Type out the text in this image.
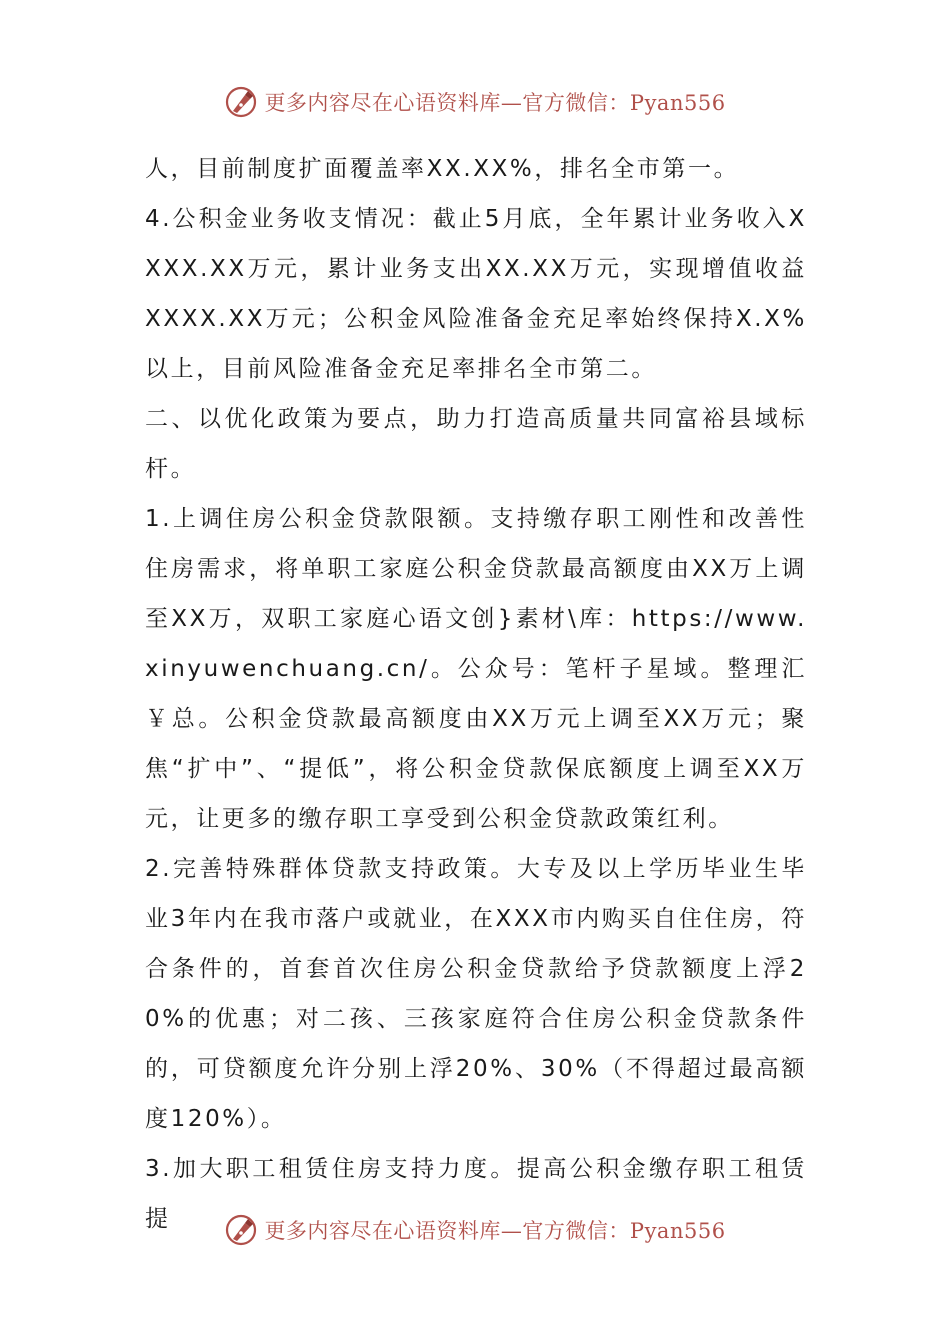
更多内容尽在心语资料库—官方微信：Pyan556

人，目前制度扩面覆盖率XX.XX%，排名全市第一。

4.公积金业务收支情况：截止5月底，全年累计业务收入XXXX.XX万元，累计业务支出XX.XX万元，实现增值收益XXXX.XX万元；公积金风险准备金充足率始终保持X.X%以上，目前风险准备金充足率排名全市第二。

二、以优化政策为要点，助力打造高质量共同富裕县域标杆。

1.上调住房公积金贷款限额。支持缴存职工刚性和改善性住房需求，将单职工家庭公积金贷款最高额度由XX万上调至XX万，双职工家庭心语文创}素材\库：https://www.xinyuwenchuang.cn/。公众号：笔杆子星域。整理汇￥总。公积金贷款最高额度由XX万元上调至XX万元；聚焦“扩中”、“提低”，将公积金贷款保底额度上调至XX万元，让更多的缴存职工享受到公积金贷款政策红利。

2.完善特殊群体贷款支持政策。大专及以上学历毕业生毕业3年内在我市落户或就业，在XXX市内购买自住住房，符合条件的，首套首次住房公积金贷款给予贷款额度上浮20%的优惠；对二孩、三孩家庭符合住房公积金贷款条件的，可贷额度允许分别上浮20%、30%（不得超过最高额度120%）。

3.加大职工租赁住房支持力度。提高公积金缴存职工租赁提	更多内容尽在心语资料库—官方微信：Pyan556
